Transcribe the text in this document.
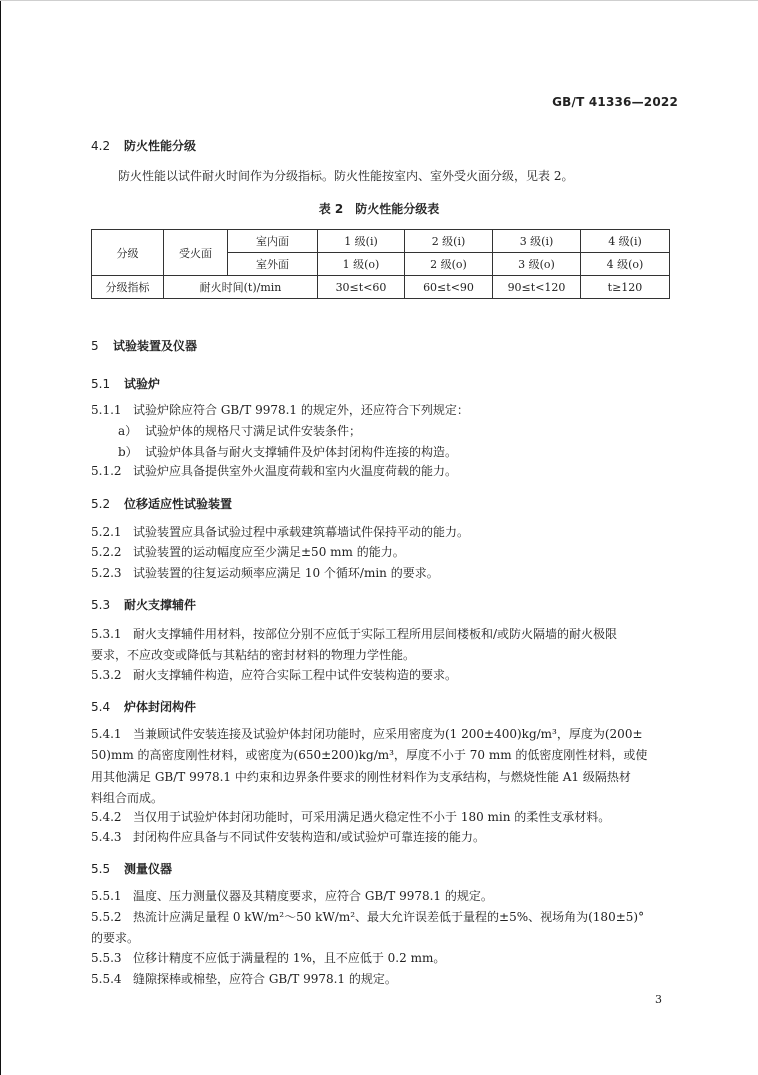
GB/T 41336—2022
4.2 防火性能分级
防火性能以试件耐火时间作为分级指标。防火性能按室内、室外受火面分级，见表 2。
表 2　防火性能分级表
分级	受火面	室内面	1 级(i)	2 级(i)	3 级(i)	4 级(i)
		室外面	1 级(o)	2 级(o)	3 级(o)	4 级(o)
分级指标	耐火时间(t)/min		30≤t<60	60≤t<90	90≤t<120	t≥120
5 试验装置及仪器
5.1 试验炉
5.1.1 试验炉除应符合 GB/T 9978.1 的规定外，还应符合下列规定：
a） 试验炉体的规格尺寸满足试件安装条件；
b） 试验炉体具备与耐火支撑辅件及炉体封闭构件连接的构造。
5.1.2 试验炉应具备提供室外火温度荷载和室内火温度荷载的能力。
5.2 位移适应性试验装置
5.2.1 试验装置应具备试验过程中承载建筑幕墙试件保持平动的能力。
5.2.2 试验装置的运动幅度应至少满足±50 mm 的能力。
5.2.3 试验装置的往复运动频率应满足 10 个循环/min 的要求。
5.3 耐火支撑辅件
5.3.1 耐火支撑辅件用材料，按部位分别不应低于实际工程所用层间楼板和/或防火隔墙的耐火极限
要求，不应改变或降低与其粘结的密封材料的物理力学性能。
5.3.2 耐火支撑辅件构造，应符合实际工程中试件安装构造的要求。
5.4 炉体封闭构件
5.4.1 当兼顾试件安装连接及试验炉体封闭功能时，应采用密度为(1 200±400)kg/m³，厚度为(200±
50)mm 的高密度刚性材料，或密度为(650±200)kg/m³，厚度不小于 70 mm 的低密度刚性材料，或使
用其他满足 GB/T 9978.1 中约束和边界条件要求的刚性材料作为支承结构，与燃烧性能 A1 级隔热材
料组合而成。
5.4.2 当仅用于试验炉体封闭功能时，可采用满足遇火稳定性不小于 180 min 的柔性支承材料。
5.4.3 封闭构件应具备与不同试件安装构造和/或试验炉可靠连接的能力。
5.5 测量仪器
5.5.1 温度、压力测量仪器及其精度要求，应符合 GB/T 9978.1 的规定。
5.5.2 热流计应满足量程 0 kW/m²～50 kW/m²、最大允许误差低于量程的±5%、视场角为(180±5)°
的要求。
5.5.3 位移计精度不应低于满量程的 1%，且不应低于 0.2 mm。
5.5.4 缝隙探棒或棉垫，应符合 GB/T 9978.1 的规定。
3
